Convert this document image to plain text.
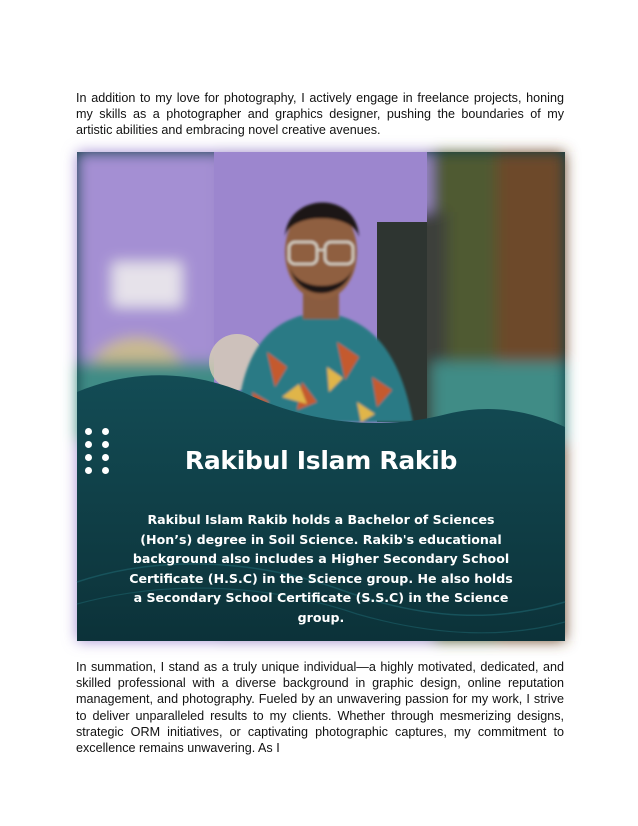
In addition to my love for photography, I actively engage in freelance projects, honing my skills as a photographer and graphics designer, pushing the boundaries of my artistic abilities and embracing novel creative avenues.

Rakibul Islam Rakib

Rakibul Islam Rakib holds a Bachelor of Sciences (Hon’s) degree in Soil Science. Rakib's educational background also includes a Higher Secondary School Certificate (H.S.C) in the Science group. He also holds a Secondary School Certificate (S.S.C) in the Science group.

In summation, I stand as a truly unique individual—a highly motivated, dedicated, and skilled professional with a diverse background in graphic design, online reputation management, and photography. Fueled by an unwavering passion for my work, I strive to deliver unparalleled results to my clients. Whether through mesmerizing designs, strategic ORM initiatives, or captivating photographic captures, my commitment to excellence remains unwavering. As I
